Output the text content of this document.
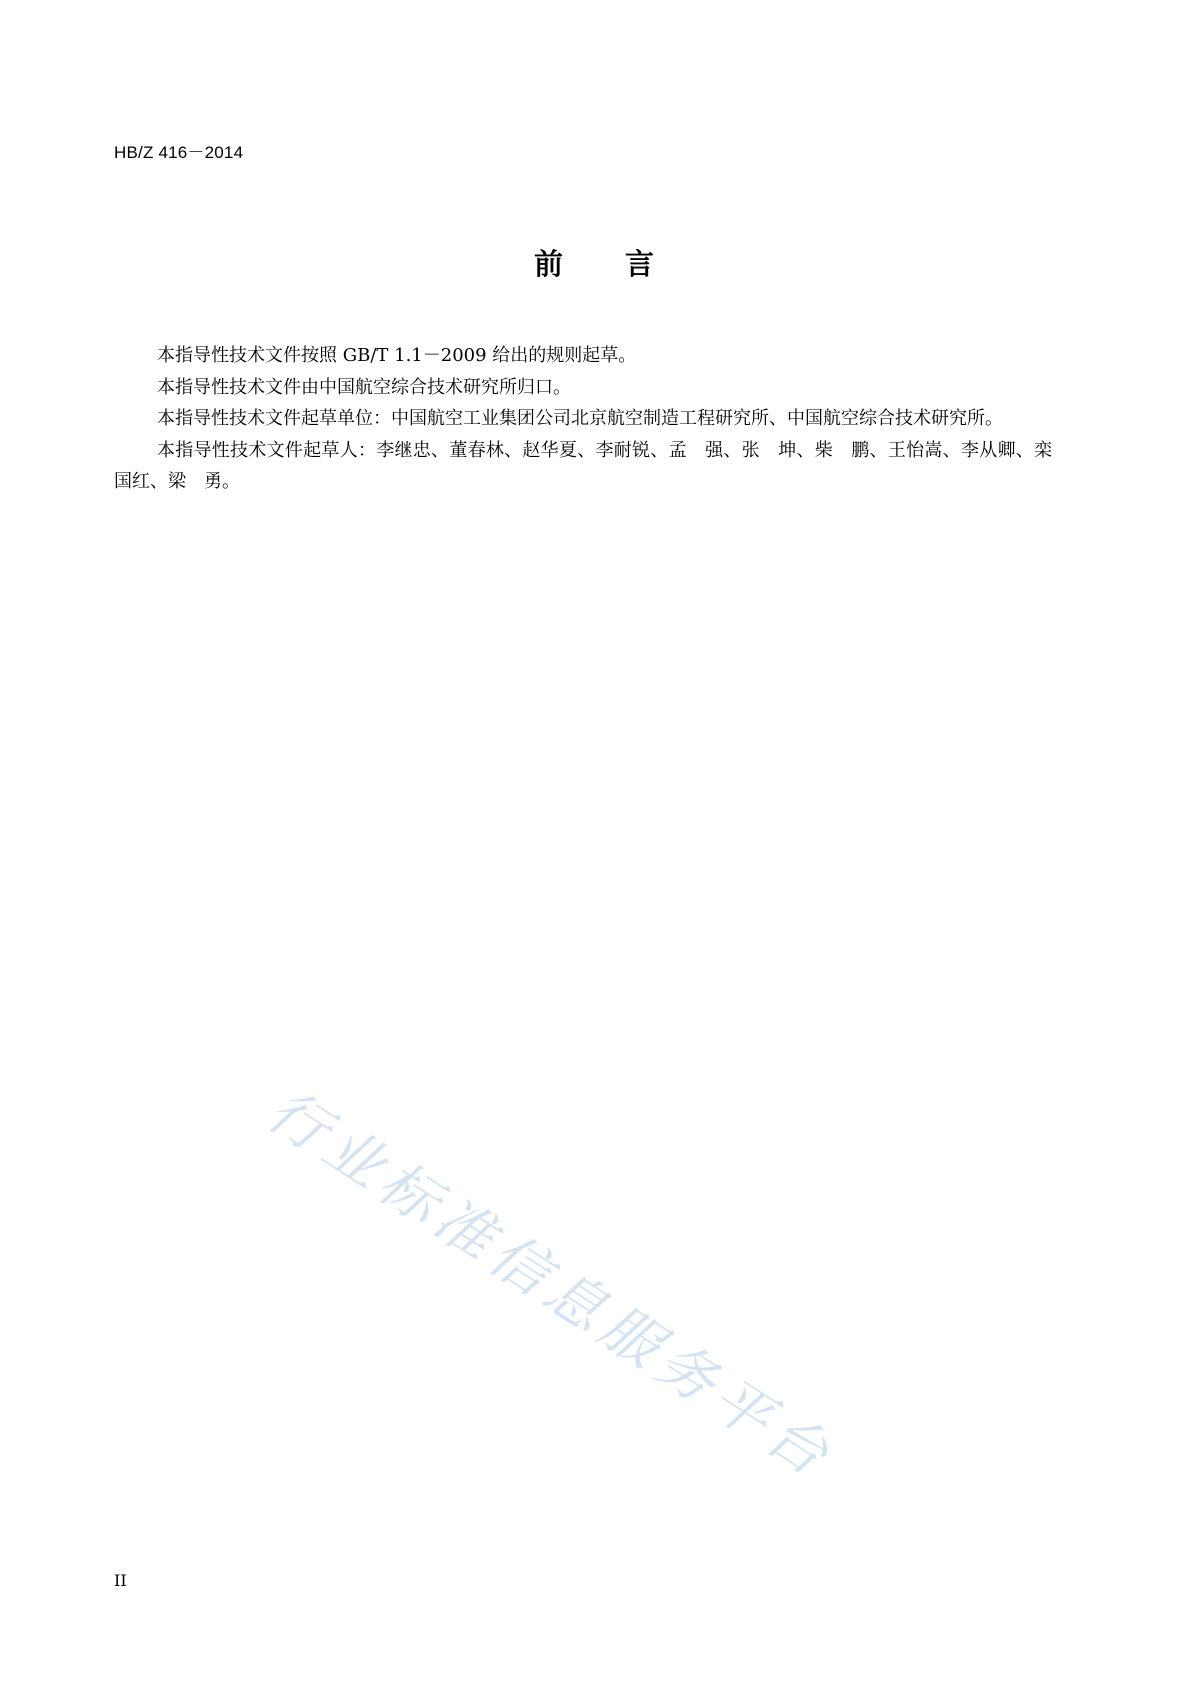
HB/Z 416－2014
前 言

本指导性技术文件按照 GB/T 1.1－2009 给出的规则起草。

本指导性技术文件由中国航空综合技术研究所归口。

本指导性技术文件起草单位：中国航空工业集团公司北京航空制造工程研究所、中国航空综合技术研究所。

本指导性技术文件起草人：李继忠、董春林、赵华夏、李耐锐、孟　强、张　坤、柴　鹏、王怡嵩、李从卿、栾国红、梁　勇。

行业标准信息服务平台
II
